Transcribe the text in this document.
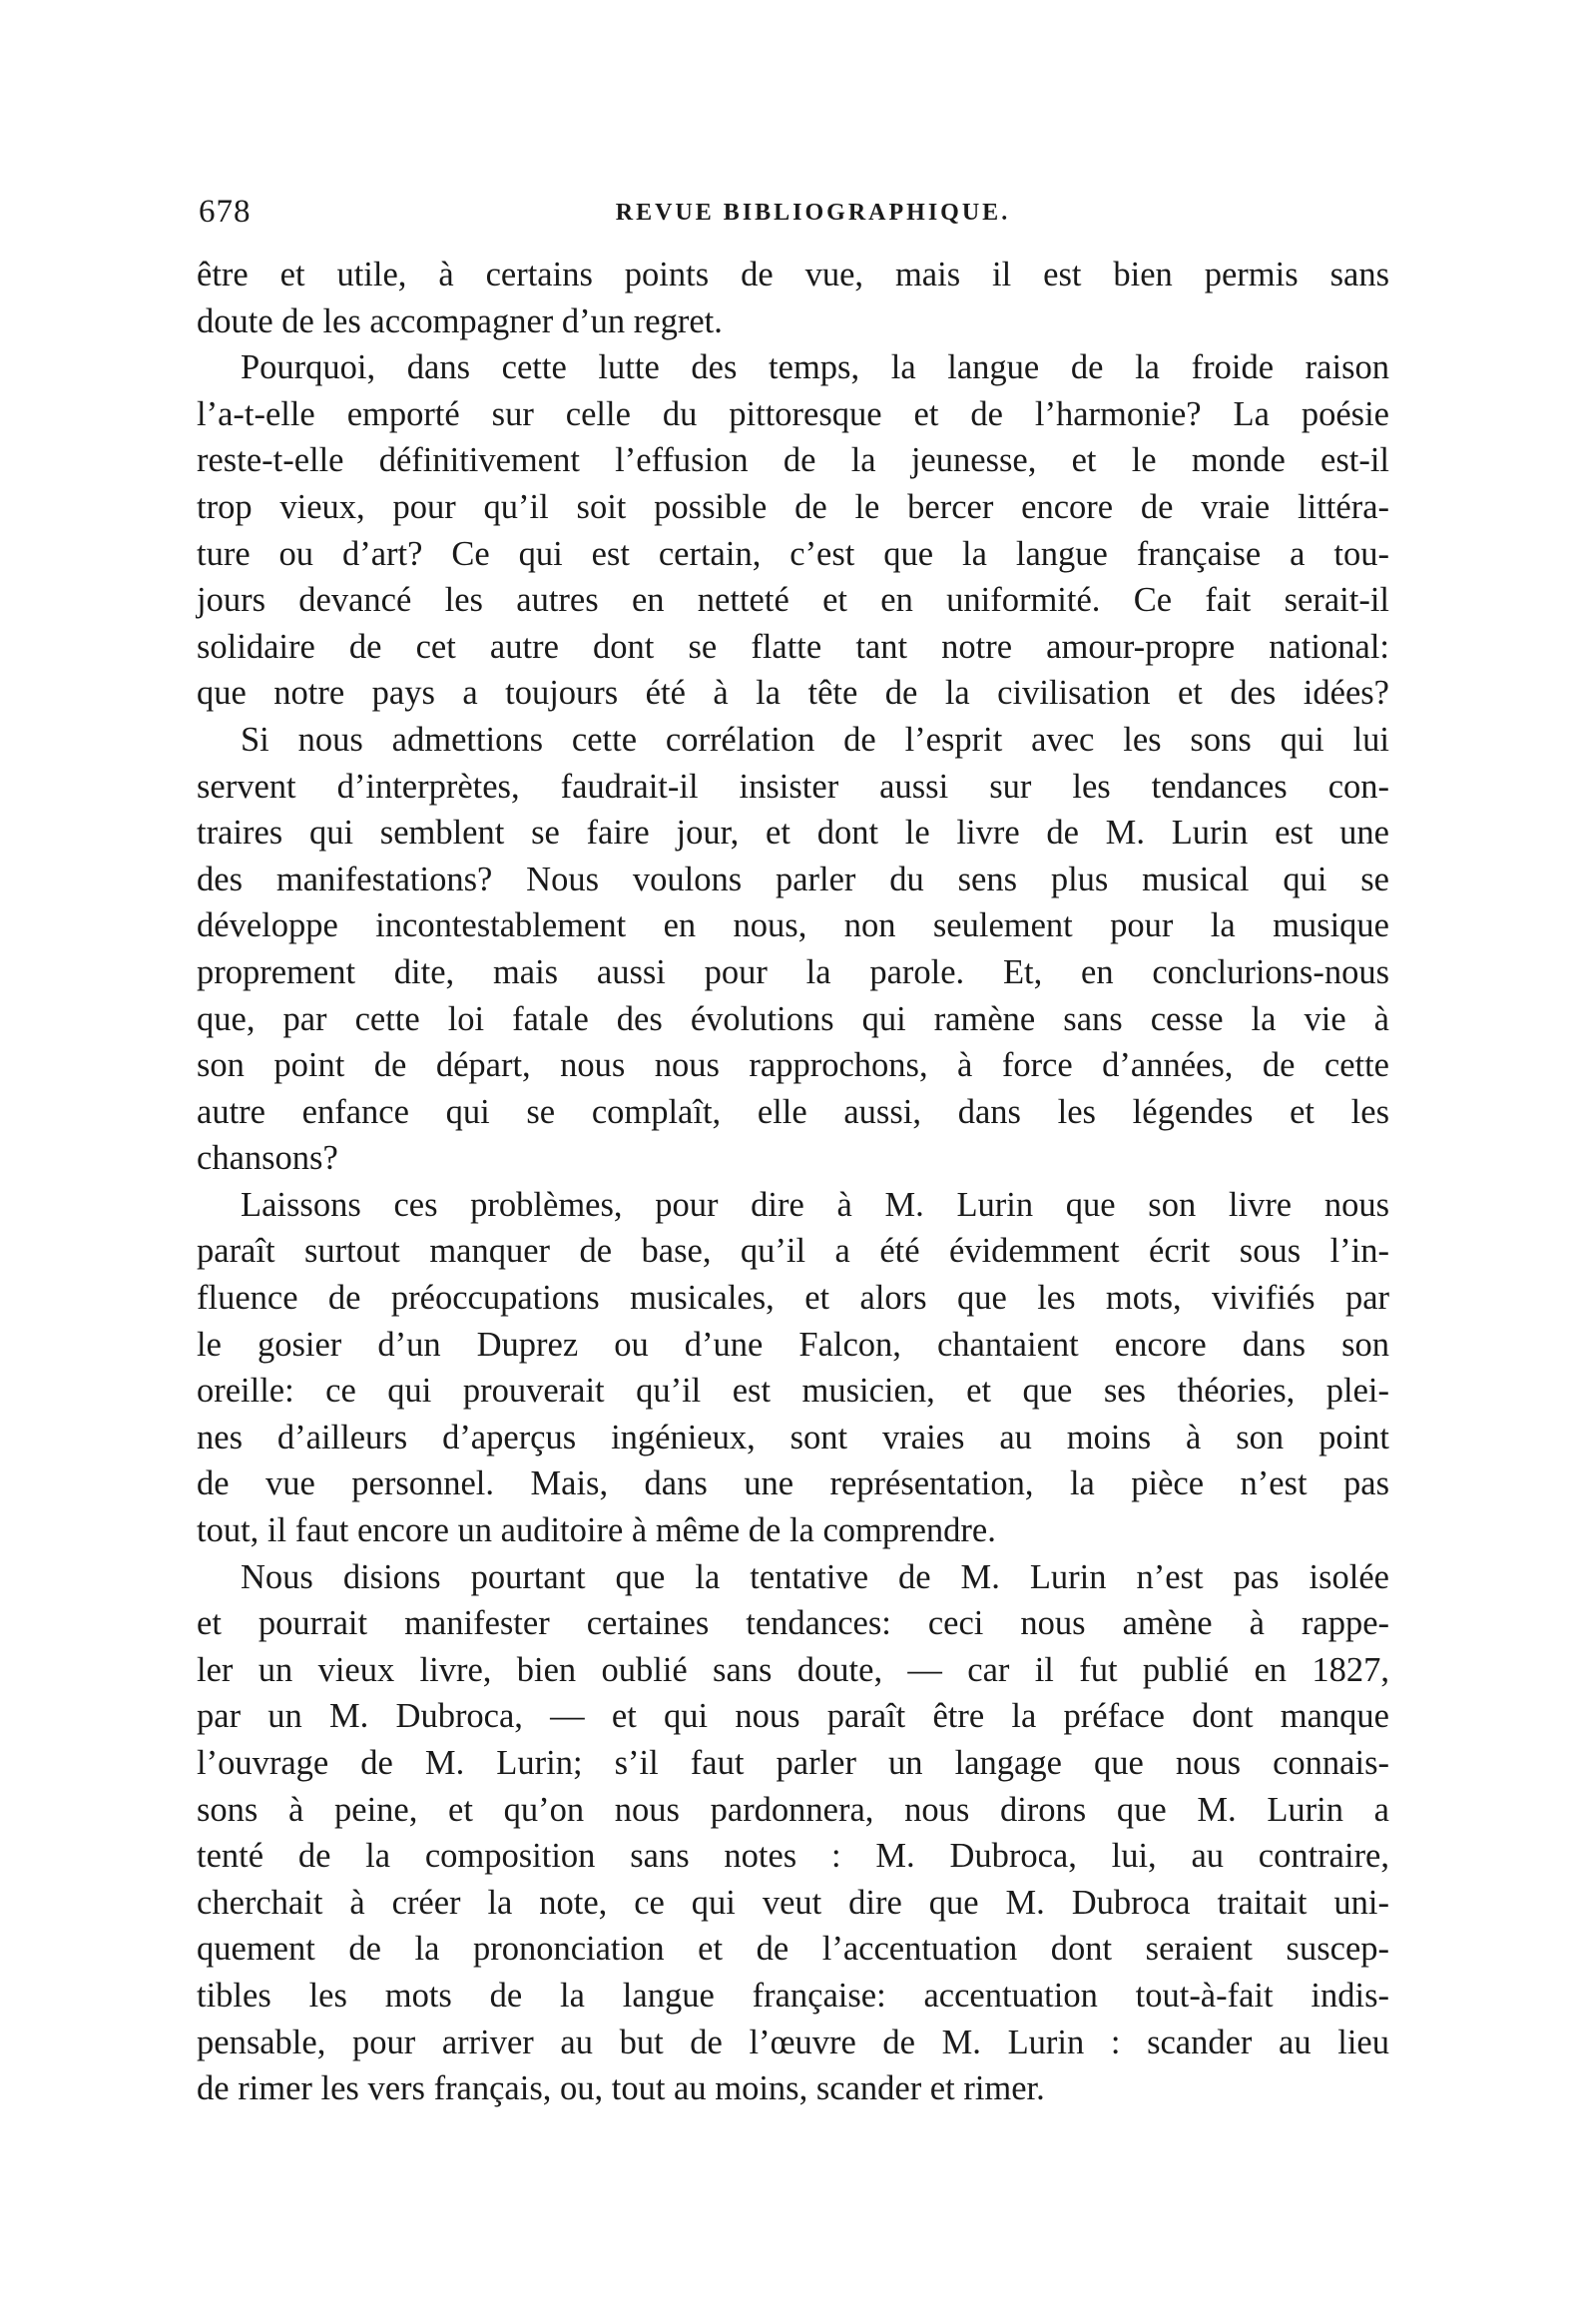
678	REVUE BIBLIOGRAPHIQUE.

être et utile, à certains points de vue, mais il est bien permis sans
doute de les accompagner d’un regret.

Pourquoi, dans cette lutte des temps, la langue de la froide raison
l’a-t-elle emporté sur celle du pittoresque et de l’harmonie? La poésie
reste-t-elle définitivement l’effusion de la jeunesse, et le monde est-il
trop vieux, pour qu’il soit possible de le bercer encore de vraie littéra-
ture ou d’art? Ce qui est certain, c’est que la langue française a tou-
jours devancé les autres en netteté et en uniformité. Ce fait serait-il
solidaire de cet autre dont se flatte tant notre amour-propre national:
que notre pays a toujours été à la tête de la civilisation et des idées?

Si nous admettions cette corrélation de l’esprit avec les sons qui lui
servent d’interprètes, faudrait-il insister aussi sur les tendances con-
traires qui semblent se faire jour, et dont le livre de M. Lurin est une
des manifestations? Nous voulons parler du sens plus musical qui se
développe incontestablement en nous, non seulement pour la musique
proprement dite, mais aussi pour la parole. Et, en conclurions-nous
que, par cette loi fatale des évolutions qui ramène sans cesse la vie à
son point de départ, nous nous rapprochons, à force d’années, de cette
autre enfance qui se complaît, elle aussi, dans les légendes et les
chansons?

Laissons ces problèmes, pour dire à M. Lurin que son livre nous
paraît surtout manquer de base, qu’il a été évidemment écrit sous l’in-
fluence de préoccupations musicales, et alors que les mots, vivifiés par
le gosier d’un Duprez ou d’une Falcon, chantaient encore dans son
oreille: ce qui prouverait qu’il est musicien, et que ses théories, plei-
nes d’ailleurs d’aperçus ingénieux, sont vraies au moins à son point
de vue personnel. Mais, dans une représentation, la pièce n’est pas
tout, il faut encore un auditoire à même de la comprendre.

Nous disions pourtant que la tentative de M. Lurin n’est pas isolée
et pourrait manifester certaines tendances: ceci nous amène à rappe-
ler un vieux livre, bien oublié sans doute, — car il fut publié en 1827,
par un M. Dubroca, — et qui nous paraît être la préface dont manque
l’ouvrage de M. Lurin; s’il faut parler un langage que nous connais-
sons à peine, et qu’on nous pardonnera, nous dirons que M. Lurin a
tenté de la composition sans notes : M. Dubroca, lui, au contraire,
cherchait à créer la note, ce qui veut dire que M. Dubroca traitait uni-
quement de la prononciation et de l’accentuation dont seraient suscep-
tibles les mots de la langue française: accentuation tout-à-fait indis-
pensable, pour arriver au but de l’œuvre de M. Lurin : scander au lieu
de rimer les vers français, ou, tout au moins, scander et rimer.
